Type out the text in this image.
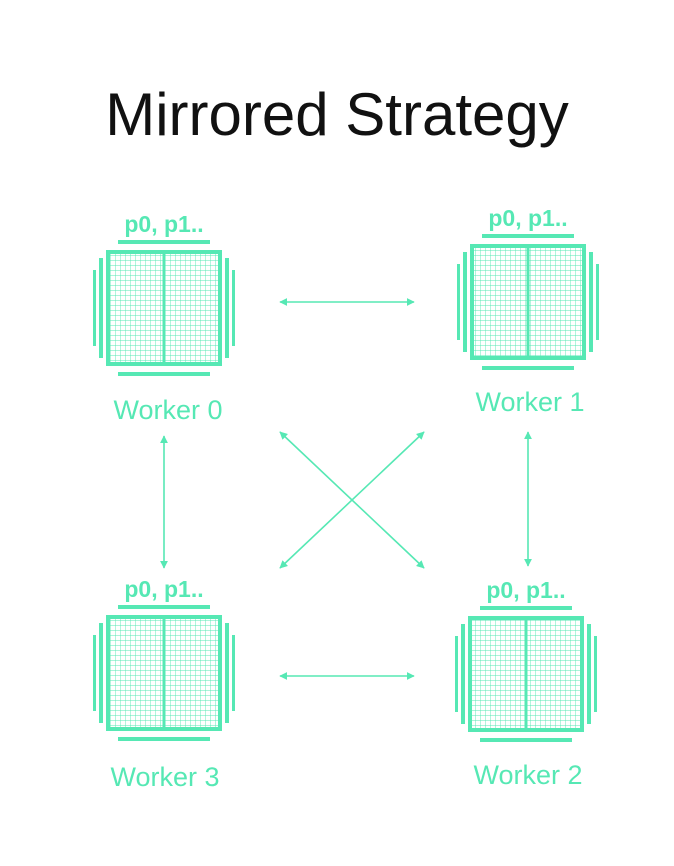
Mirrored Strategy
p0, p1..
Worker 0
p0, p1..
Worker 1
p0, p1..
Worker 3
p0, p1..
Worker 2
